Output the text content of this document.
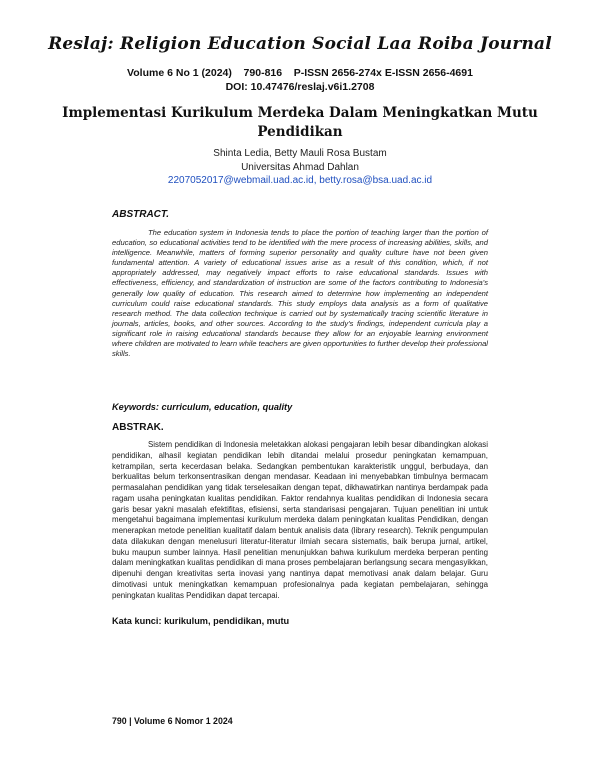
Reslaj: Religion Education Social Laa Roiba Journal
Volume 6 No 1 (2024)    790-816    P-ISSN 2656-274x E-ISSN 2656-4691
DOI: 10.47476/reslaj.v6i1.2708
Implementasi Kurikulum Merdeka Dalam Meningkatkan Mutu Pendidikan
Shinta Ledia, Betty Mauli Rosa Bustam
Universitas Ahmad Dahlan
2207052017@webmail.uad.ac.id, betty.rosa@bsa.uad.ac.id
ABSTRACT.

The education system in Indonesia tends to place the portion of teaching larger than the portion of education, so educational activities tend to be identified with the mere process of increasing abilities, skills, and intelligence. Meanwhile, matters of forming superior personality and quality culture have not been given fundamental attention. A variety of educational issues arise as a result of this condition, which, if not appropriately addressed, may negatively impact efforts to raise educational standards. Issues with effectiveness, efficiency, and standardization of instruction are some of the factors contributing to Indonesia's generally low quality of education. This research aimed to determine how implementing an independent curriculum could raise educational standards. This study employs data analysis as a form of qualitative research method. The data collection technique is carried out by systematically tracing scientific literature in journals, articles, books, and other sources. According to the study's findings, independent curricula play a significant role in raising educational standards because they allow for an enjoyable learning environment where children are motivated to learn while teachers are given opportunities to further develop their professional skills.

Keywords: curriculum, education, quality
ABSTRAK.

Sistem pendidikan di Indonesia meletakkan alokasi pengajaran lebih besar dibandingkan alokasi pendidikan, alhasil kegiatan pendidikan lebih ditandai melalui prosedur peningkatan kemampuan, ketrampilan, serta kecerdasan belaka. Sedangkan pembentukan karakteristik unggul, berbudaya, dan berkualitas belum terkonsentrasikan dengan mendasar. Keadaan ini menyebabkan timbulnya bermacam permasalahan pendidikan yang tidak terselesaikan dengan tepat, dikhawatirkan nantinya berdampak pada ragam usaha peningkatan kualitas pendidikan. Faktor rendahnya kualitas pendidikan di Indonesia secara garis besar yakni masalah efektifitas, efisiensi, serta standarisasi pengajaran. Tujuan penelitian ini untuk mengetahui bagaimana implementasi kurikulum merdeka dalam peningkatan kualitas Pendidikan, dengan menerapkan metode penelitian kualitatif dalam bentuk analisis data (library research). Teknik pengumpulan data dilakukan dengan menelusuri literatur-literatur ilmiah secara sistematis, baik berupa jurnal, artikel, buku maupun sumber lainnya. Hasil penelitian menunjukkan bahwa kurikulum merdeka berperan penting dalam meningkatkan kualitas pendidikan di mana proses pembelajaran berlangsung secara mengasyikkan, dipenuhi dengan kreativitas serta inovasi yang nantinya dapat memotivasi anak dalam belajar. Guru dimotivasi untuk meningkatkan kemampuan profesionalnya pada kegiatan pembelajaran, sehingga peningkatan kualitas Pendidikan dapat tercapai.

Kata kunci: kurikulum, pendidikan, mutu
790 | Volume 6 Nomor 1 2024
